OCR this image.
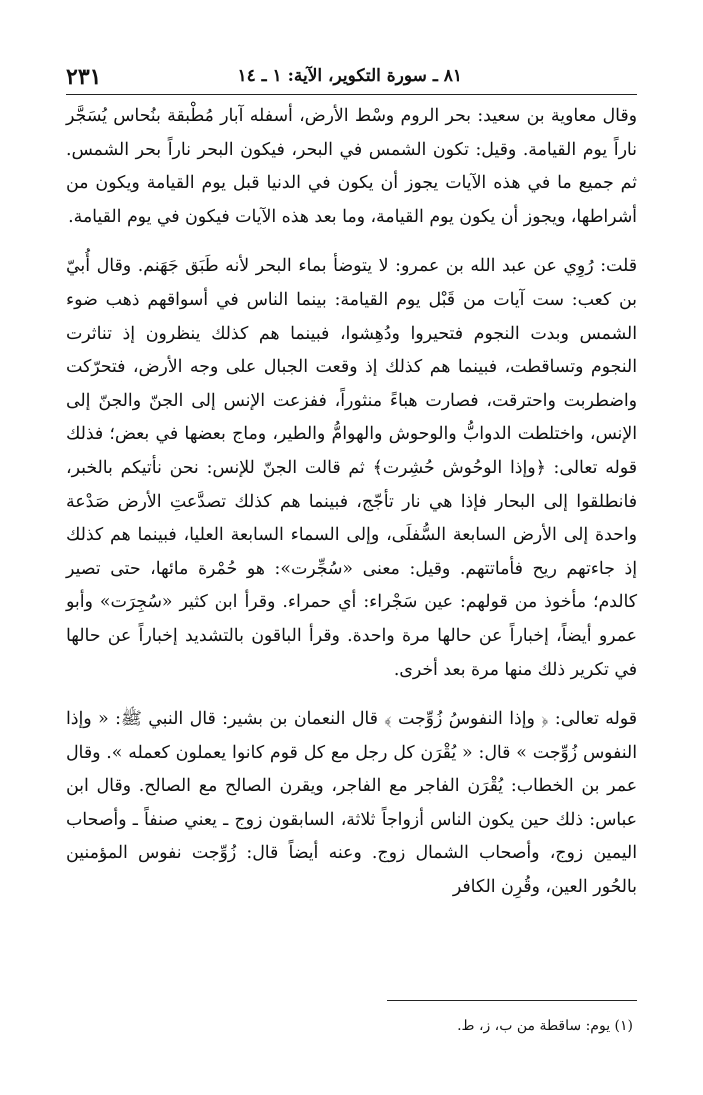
٢٣١	٨١ ـ سورة التكوير، الآية: ١ ـ ١٤

وقال معاوية بن سعيد: بحر الروم وسْط الأرض، أسفله آبار مُطْبقة بنُحاس يُسَجَّر ناراً يوم القيامة. وقيل: تكون الشمس في البحر، فيكون البحر ناراً بحر الشمس. ثم جميع ما في هذه الآيات يجوز أن يكون في الدنيا قبل يوم القيامة ويكون من أشراطها، ويجوز أن يكون يوم القيامة، وما بعد هذه الآيات فيكون في يوم القيامة.

قلت: رُوِي عن عبد الله بن عمرو: لا يتوضأ بماء البحر لأنه طَبَق جَهَنم. وقال أُبيّ بن كعب: ست آيات من قَبْل يوم القيامة: بينما الناس في أسواقهم ذهب ضوء الشمس وبدت النجوم فتحيروا ودُهِشوا، فبينما هم كذلك ينظرون إذ تناثرت النجوم وتساقطت، فبينما هم كذلك إذ وقعت الجبال على وجه الأرض، فتحرّكت واضطربت واحترقت، فصارت هباءً منثوراً، ففزعت الإنس إلى الجنّ والجنّ إلى الإنس، واختلطت الدوابُّ والوحوش والهوامُّ والطير، وماج بعضها في بعض؛ فذلك قوله تعالى: ﴿وإذا الوحُوش حُشِرت﴾ ثم قالت الجنّ للإنس: نحن نأتيكم بالخبر، فانطلقوا إلى البحار فإذا هي نار تأجّج، فبينما هم كذلك تصدَّعتِ الأرض صَدْعة واحدة إلى الأرض السابعة السُّفلَى، وإلى السماء السابعة العليا، فبينما هم كذلك إذ جاءتهم ريح فأماتتهم. وقيل: معنى «سُجِّرت»: هو حُمْرة مائها، حتى تصير كالدم؛ مأخوذ من قولهم: عين سَجْراء: أي حمراء. وقرأ ابن كثير «سُجِرَت» وأبو عمرو أيضاً، إخباراً عن حالها مرة واحدة. وقرأ الباقون بالتشديد إخباراً عن حالها في تكرير ذلك منها مرة بعد أخرى.

قوله تعالى: ﴿ وإذا النفوسُ زُوِّجت ﴾ قال النعمان بن بشير: قال النبي ﷺ: « وإذا النفوس زُوِّجت » قال: « يُقْرَن كل رجل مع كل قوم كانوا يعملون كعمله ». وقال عمر بن الخطاب: يُقْرَن الفاجر مع الفاجر، ويقرن الصالح مع الصالح. وقال ابن عباس: ذلك حين يكون الناس أزواجاً ثلاثة، السابقون زوج ـ يعني صنفاً ـ وأصحاب اليمين زوج، وأصحاب الشمال زوج. وعنه أيضاً قال: زُوِّجت نفوس المؤمنين بالحُور العين، وقُرِن الكافر

(١) يوم: ساقطة من ب، ز، ط.
